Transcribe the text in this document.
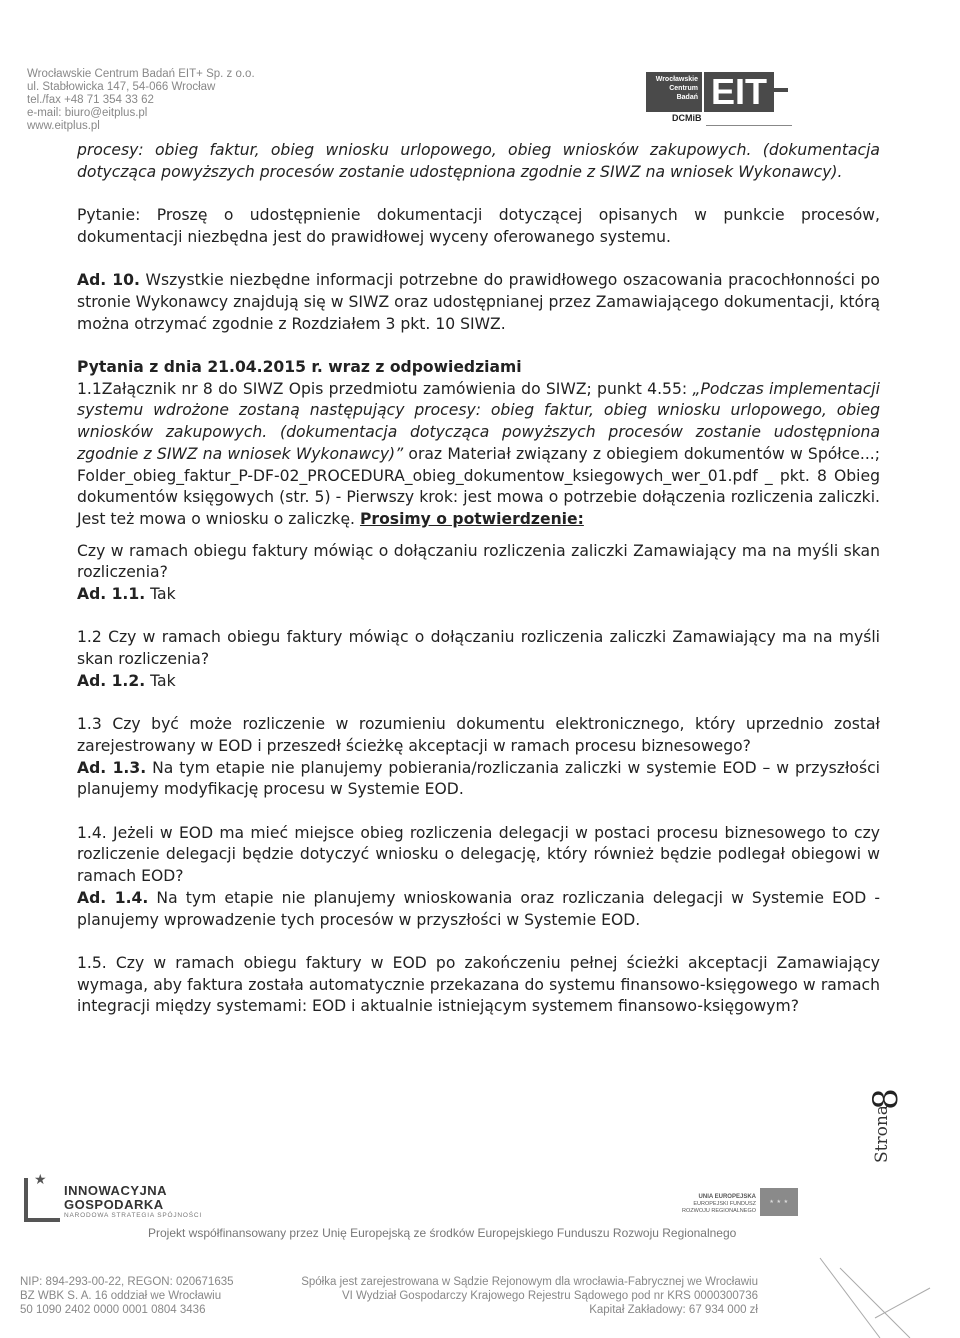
Wrocławskie Centrum Badań EIT+ Sp. z o.o.
ul. Stabłowicka 147, 54-066 Wrocław
tel./fax +48 71 354 33 62
e-mail: biuro@eitplus.pl
www.eitplus.pl
Wrocławskie
Centrum
Badań EIT
DCMiB

procesy: obieg faktur, obieg wniosku urlopowego, obieg wniosków zakupowych. (dokumentacja dotycząca powyższych procesów zostanie udostępniona zgodnie z SIWZ na wniosek Wykonawcy).

Pytanie: Proszę o udostępnienie dokumentacji dotyczącej opisanych w punkcie procesów, dokumentacji niezbędna jest do prawidłowej wyceny oferowanego systemu.

Ad. 10. Wszystkie niezbędne informacji potrzebne do prawidłowego oszacowania pracochłonności po stronie Wykonawcy znajdują się w SIWZ oraz udostępnianej przez Zamawiającego dokumentacji, którą można otrzymać zgodnie z Rozdziałem 3 pkt. 10 SIWZ.

Pytania z dnia 21.04.2015 r. wraz z odpowiedziami

1.1Załącznik nr 8 do SIWZ Opis przedmiotu zamówienia do SIWZ; punkt 4.55: „Podczas implementacji systemu wdrożone zostaną następujący procesy: obieg faktur, obieg wniosku urlopowego, obieg wniosków zakupowych. (dokumentacja dotycząca powyższych procesów zostanie udostępniona zgodnie z SIWZ na wniosek Wykonawcy)” oraz Materiał związany z obiegiem dokumentów w Spółce...; Folder_obieg_faktur_P-DF-02_PROCEDURA_obieg_dokumentow_ksiegowych_wer_01.pdf _ pkt. 8 Obieg dokumentów księgowych (str. 5) - Pierwszy krok: jest mowa o potrzebie dołączenia rozliczenia zaliczki. Jest też mowa o wniosku o zaliczkę. Prosimy o potwierdzenie:

Czy w ramach obiegu faktury mówiąc o dołączaniu rozliczenia zaliczki Zamawiający ma na myśli skan rozliczenia?

Ad. 1.1. Tak

1.2 Czy w ramach obiegu faktury mówiąc o dołączaniu rozliczenia zaliczki Zamawiający ma na myśli skan rozliczenia?

Ad. 1.2. Tak

1.3 Czy być może rozliczenie w rozumieniu dokumentu elektronicznego, który uprzednio został zarejestrowany w EOD i przeszedł ścieżkę akceptacji w ramach procesu biznesowego?

Ad. 1.3. Na tym etapie nie planujemy pobierania/rozliczania zaliczki w systemie EOD – w przyszłości planujemy modyfikację procesu w Systemie EOD.

1.4. Jeżeli w EOD ma mieć miejsce obieg rozliczenia delegacji w postaci procesu biznesowego to czy rozliczenie delegacji będzie dotyczyć wniosku o delegację, który również będzie podlegał obiegowi w ramach EOD?

Ad. 1.4. Na tym etapie nie planujemy wnioskowania oraz rozliczania delegacji w Systemie EOD - planujemy wprowadzenie tych procesów w przyszłości w Systemie EOD.

1.5. Czy w ramach obiegu faktury w EOD po zakończeniu pełnej ścieżki akceptacji Zamawiający wymaga, aby faktura została automatycznie przekazana do systemu finansowo-księgowego w ramach integracji między systemami: EOD i aktualnie istniejącym systemem finansowo-księgowym?

8
Strona
★
INNOWACYJNA
GOSPODARKA
NARODOWA STRATEGIA SPÓJNOŚCI
UNIA EUROPEJSKA
EUROPEJSKI FUNDUSZ
ROZWOJU REGIONALNEGO
★ ★ ★
Projekt współfinansowany przez Unię Europejską ze środków Europejskiego Funduszu Rozwoju Regionalnego
NIP: 894-293-00-22, REGON: 020671635
BZ WBK S. A. 16 oddział we Wrocławiu
50 1090 2402 0000 0001 0804 3436
Spółka jest zarejestrowana w Sądzie Rejonowym dla wrocławia-Fabrycznej we Wrocławiu
VI Wydział Gospodarczy Krajowego Rejestru Sądowego pod nr KRS 0000300736
Kapitał Zakładowy: 67 934 000 zł
